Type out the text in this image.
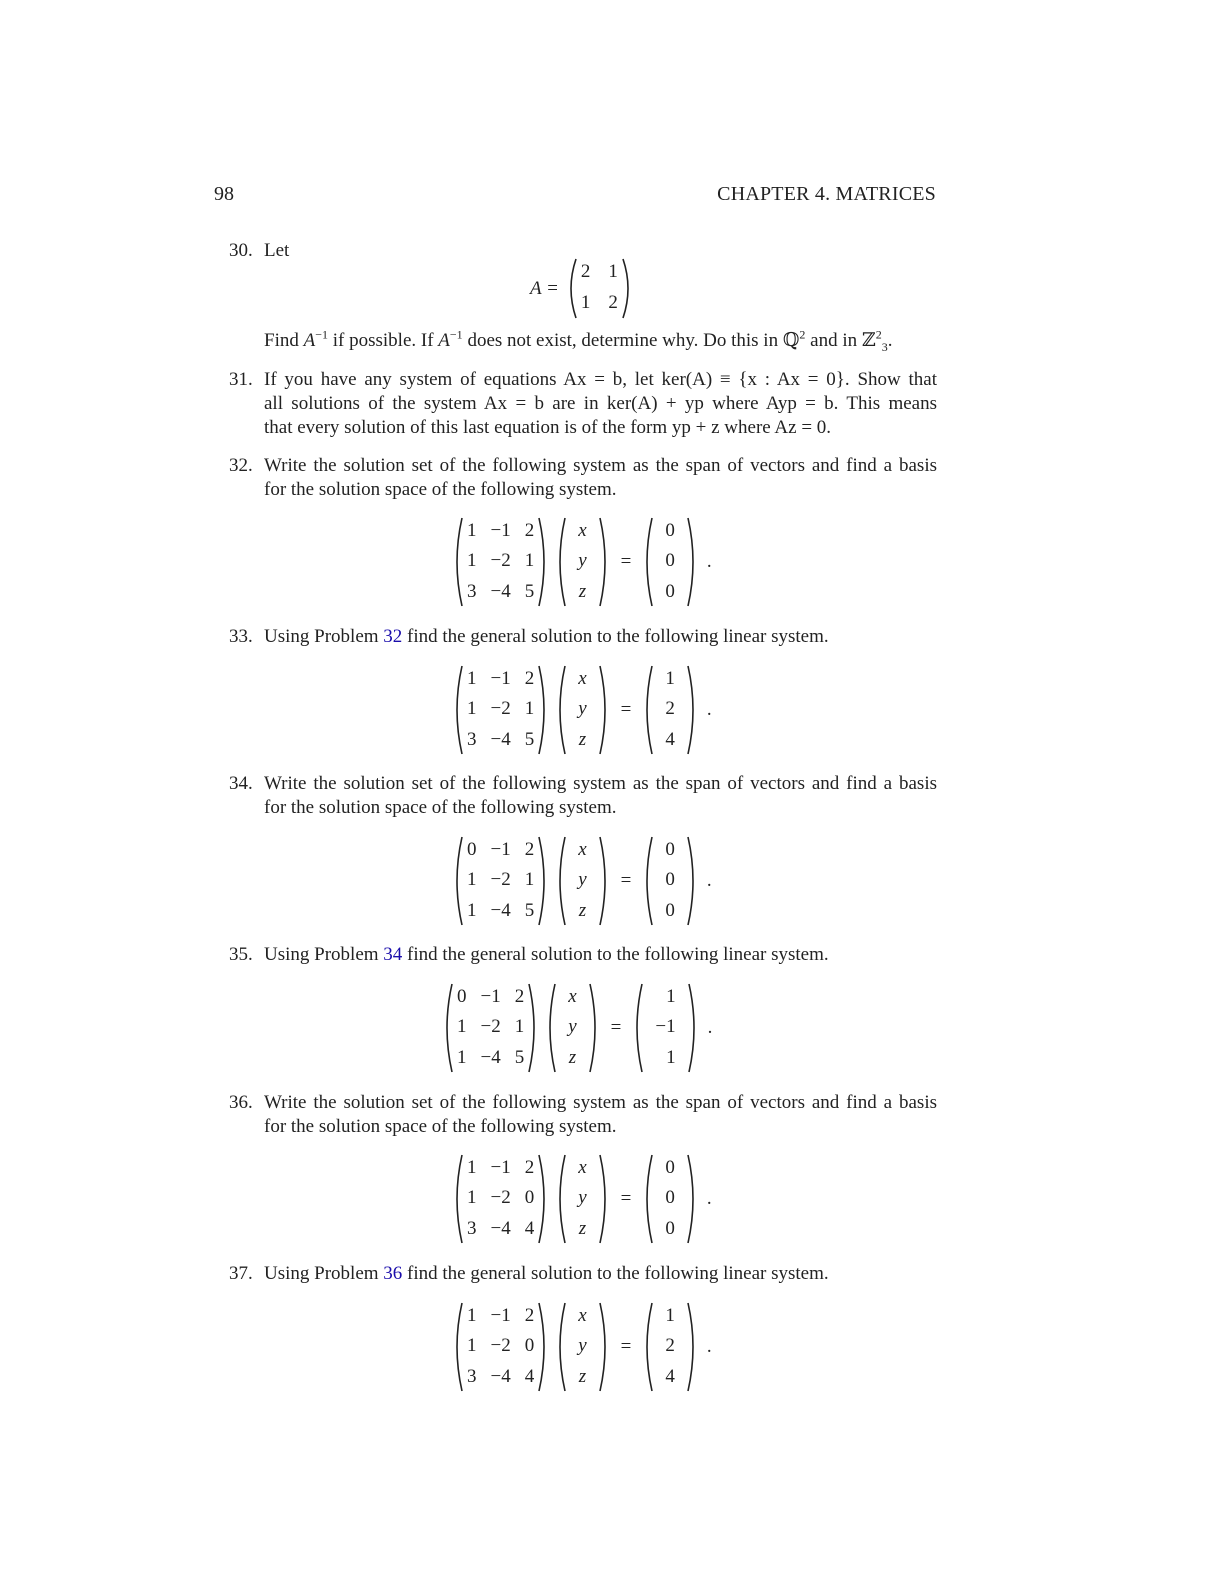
98	CHAPTER 4. MATRICES
30. Let
A =
2 1
1 2
Find $A^{-1}$ if possible. If $A^{-1}$ does not exist, determine why. Do this in ℚ$^2$ and in ℤ$^2_3$.
31. If you have any system of equations Ax = b, let ker(A) ≡ {x : Ax = 0}. Show that
all solutions of the system Ax = b are in ker(A) + yp where Ayp = b. This means
that every solution of this last equation is of the form yp + z where Az = 0.
32. Write the solution set of the following system as the span of vectors and find a basis
for the solution space of the following system.
1 −1 2
1 −2 1
3 −4 5
x
y
z
=
0
0
0
.
33. Using Problem 32 find the general solution to the following linear system.
1 −1 2
1 −2 1
3 −4 5
x
y
z
=
1
2
4
.
34. Write the solution set of the following system as the span of vectors and find a basis
for the solution space of the following system.
0 −1 2
1 −2 1
1 −4 5
x
y
z
=
0
0
0
.
35. Using Problem 34 find the general solution to the following linear system.
0 −1 2
1 −2 1
1 −4 5
x
y
z
=
1
−1
1
.
36. Write the solution set of the following system as the span of vectors and find a basis
for the solution space of the following system.
1 −1 2
1 −2 0
3 −4 4
x
y
z
=
0
0
0
.
37. Using Problem 36 find the general solution to the following linear system.
1 −1 2
1 −2 0
3 −4 4
x
y
z
=
1
2
4
.
